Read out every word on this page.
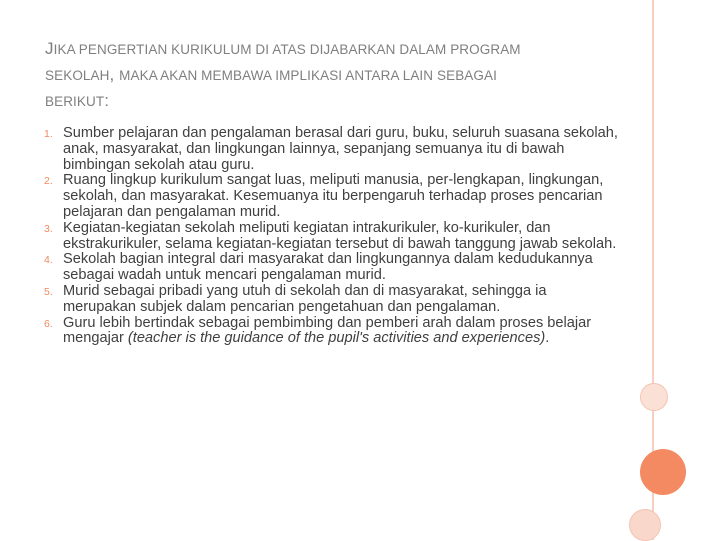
JIKA PENGERTIAN KURIKULUM DI ATAS DIJABARKAN DALAM PROGRAM
SEKOLAH, MAKA AKAN MEMBAWA IMPLIKASI ANTARA LAIN SEBAGAI
BERIKUT:
1. Sumber pelajaran dan pengalaman berasal dari guru, buku, seluruh suasana sekolah, anak, masyarakat, dan lingkungan lainnya, sepanjang semuanya itu di bawah bimbingan sekolah atau guru.
2. Ruang lingkup kurikulum sangat luas, meliputi manusia, per-lengkapan, lingkungan, sekolah, dan masyarakat. Kesemuanya itu berpengaruh terhadap proses pencarian pelajaran dan pengalaman murid.
3. Kegiatan-kegiatan sekolah meliputi kegiatan intrakurikuler, ko-kurikuler, dan ekstrakurikuler, selama kegiatan-kegiatan tersebut di bawah tanggung jawab sekolah.
4. Sekolah bagian integral dari masyarakat dan lingkungannya dalam kedudukannya sebagai wadah untuk mencari pengalaman murid.
5. Murid sebagai pribadi yang utuh di sekolah dan di masyarakat, sehingga ia merupakan subjek dalam pencarian pengetahuan dan pengalaman.
6. Guru lebih bertindak sebagai pembimbing dan pemberi arah dalam proses belajar mengajar (teacher is the guidance of the pupil's activities and experiences).
